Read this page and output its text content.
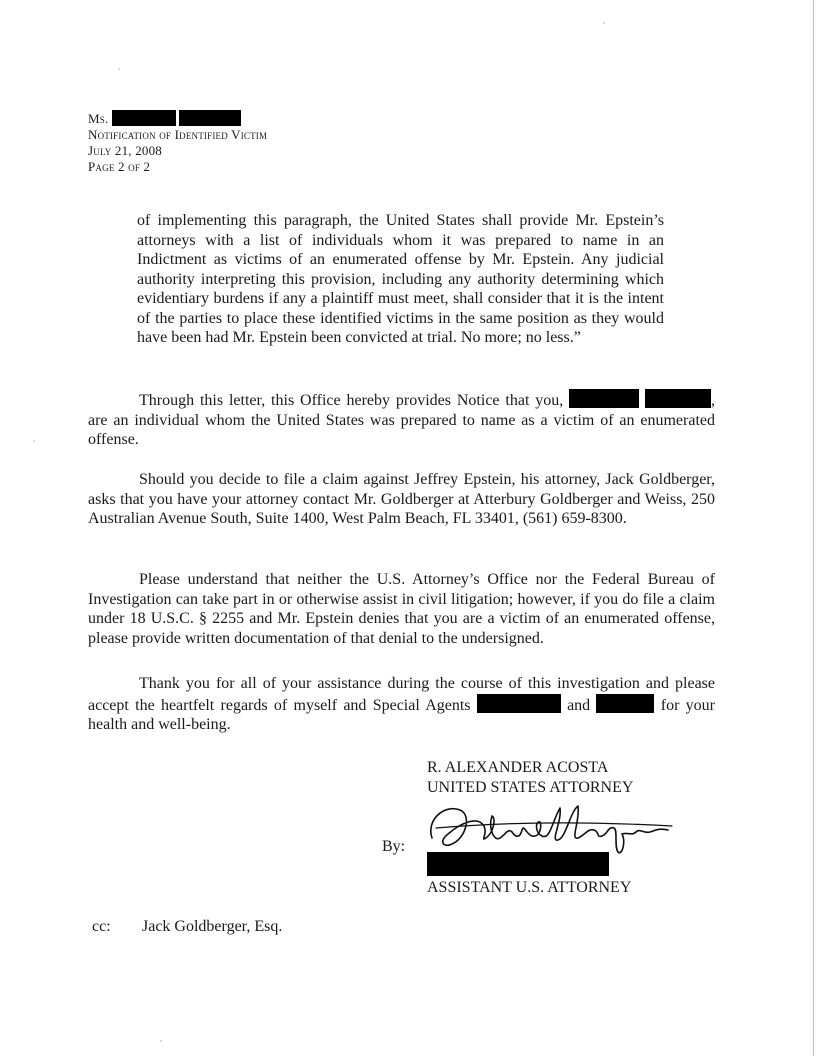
Ms.
Notification of Identified Victim
July 21, 2008
Page 2 of 2
of implementing this paragraph, the United States shall provide Mr. Epstein’s attorneys with a list of individuals whom it was prepared to name in an Indictment as victims of an enumerated offense by Mr. Epstein. Any judicial authority interpreting this provision, including any authority determining which evidentiary burdens if any a plaintiff must meet, shall consider that it is the intent of the parties to place these identified victims in the same position as they would have been had Mr. Epstein been convicted at trial. No more; no less.”
Through this letter, this Office hereby provides Notice that you,	, are an individual whom the United States was prepared to name as a victim of an enumerated offense.
Should you decide to file a claim against Jeffrey Epstein, his attorney, Jack Goldberger, asks that you have your attorney contact Mr. Goldberger at Atterbury Goldberger and Weiss, 250 Australian Avenue South, Suite 1400, West Palm Beach, FL 33401, (561) 659-8300.
Please understand that neither the U.S. Attorney’s Office nor the Federal Bureau of Investigation can take part in or otherwise assist in civil litigation; however, if you do file a claim under 18 U.S.C. § 2255 and Mr. Epstein denies that you are a victim of an enumerated offense, please provide written documentation of that denial to the undersigned.
Thank you for all of your assistance during the course of this investigation and please accept the heartfelt regards of myself and Special Agents	and	for your health and well-being.
R. ALEXANDER ACOSTA
UNITED STATES ATTORNEY
By:
ASSISTANT U.S. ATTORNEY
cc: Jack Goldberger, Esq.
